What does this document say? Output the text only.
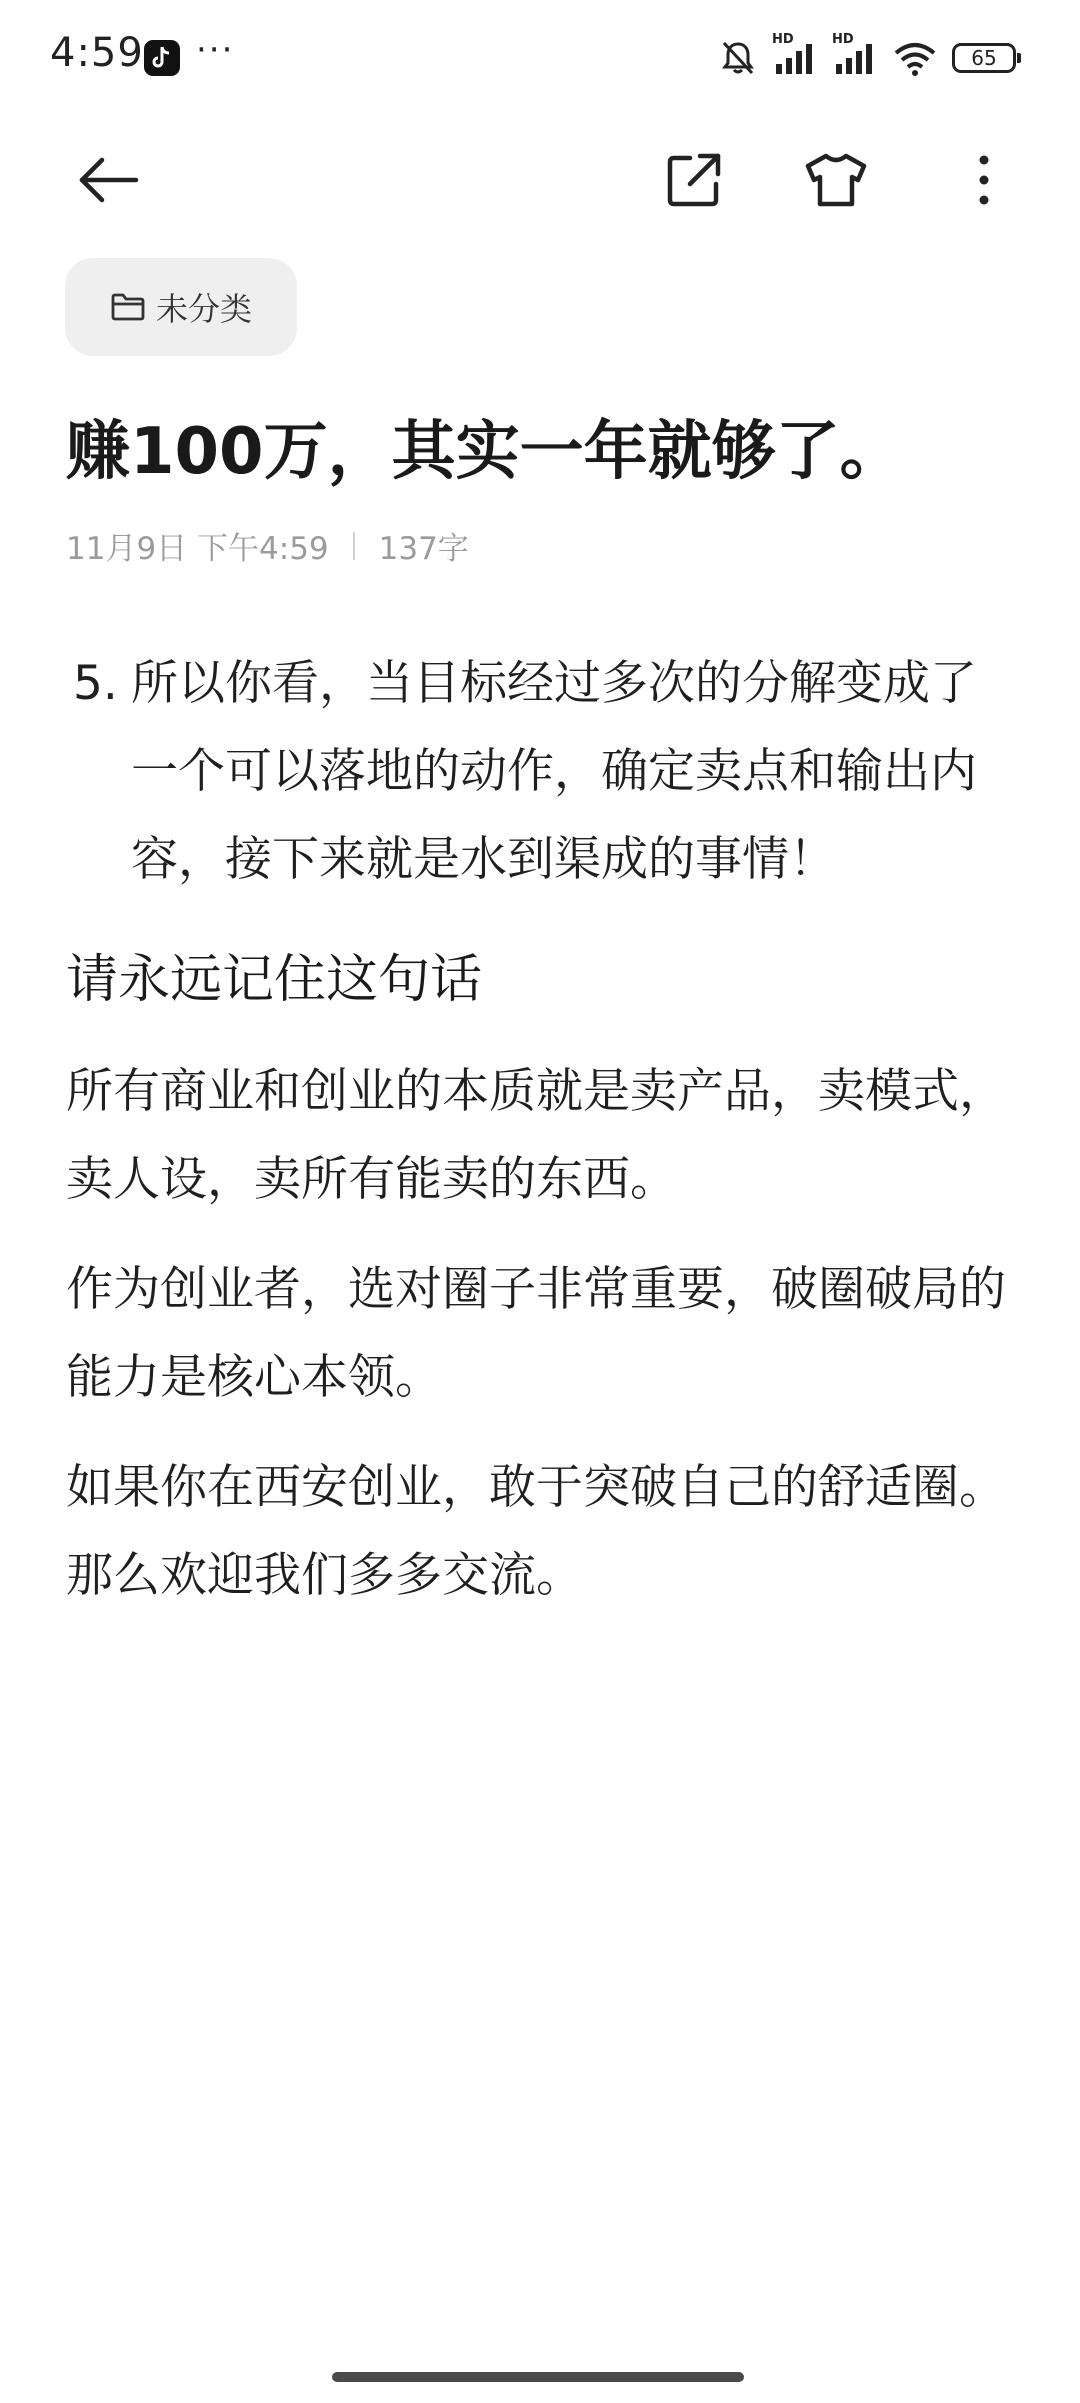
4:59 ···	HD	HD
65
未分类
赚100万，其实一年就够了。
11月9日 下午4:59 137字
5. 所以你看，当目标经过多次的分解变成了一个可以落地的动作，确定卖点和输出内容，接下来就是水到渠成的事情！
请永远记住这句话
所有商业和创业的本质就是卖产品，卖模式，卖人设，卖所有能卖的东西。
作为创业者，选对圈子非常重要，破圈破局的能力是核心本领。
如果你在西安创业，敢于突破自己的舒适圈。那么欢迎我们多多交流。
